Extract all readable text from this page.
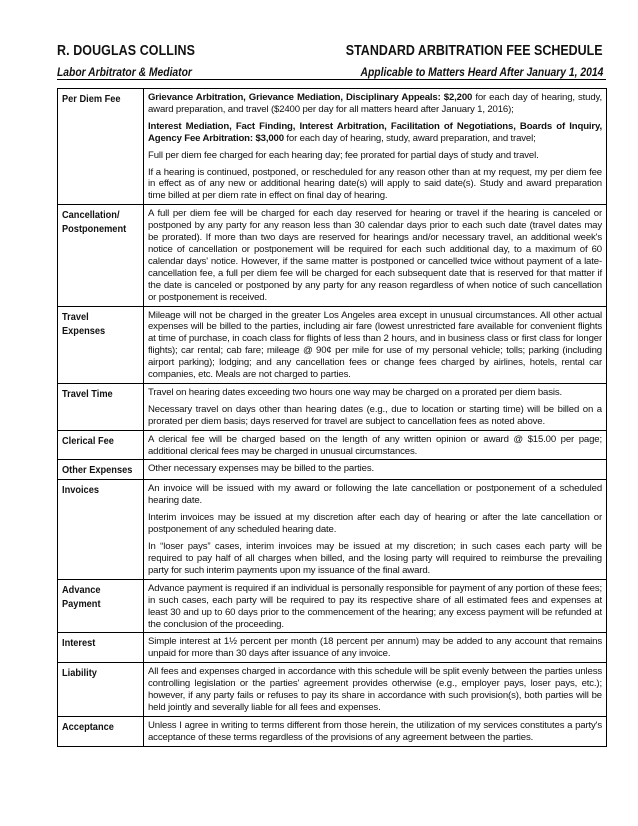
R. DOUGLAS COLLINS	STANDARD ARBITRATION FEE SCHEDULE
Labor Arbitrator & Mediator	Applicable to Matters Heard After January 1, 2014
Per Diem Fee	Grievance Arbitration, Grievance Mediation, Disciplinary Appeals: $2,200 for each day of hearing, study, award preparation, and travel ($2400 per day for all matters heard after January 1, 2016);

Interest Mediation, Fact Finding, Interest Arbitration, Facilitation of Negotiations, Boards of Inquiry, Agency Fee Arbitration: $3,000 for each day of hearing, study, award preparation, and travel;

Full per diem fee charged for each hearing day; fee prorated for partial days of study and travel.

If a hearing is continued, postponed, or rescheduled for any reason other than at my request, my per diem fee in effect as of any new or additional hearing date(s) will apply to said date(s). Study and award preparation time billed at per diem rate in effect on final day of hearing.

Cancellation/
Postponement	A full per diem fee will be charged for each day reserved for hearing or travel if the hearing is canceled or postponed by any party for any reason less than 30 calendar days prior to each such date (travel dates may be prorated). If more than two days are reserved for hearings and/or necessary travel, an additional week's notice of cancellation or postponement will be required for each such additional day, to a maximum of 60 calendar days' notice. However, if the same matter is postponed or cancelled twice without payment of a late-cancellation fee, a full per diem fee will be charged for each subsequent date that is reserved for that matter if the date is canceled or postponed by any party for any reason regardless of when notice of such cancellation or postponement is received.

Travel
Expenses	Mileage will not be charged in the greater Los Angeles area except in unusual circumstances. All other actual expenses will be billed to the parties, including air fare (lowest unrestricted fare available for convenient flights at time of purchase, in coach class for flights of less than 2 hours, and in business class or first class for longer flights); car rental; cab fare; mileage @ 90¢ per mile for use of my personal vehicle; tolls; parking (including airport parking); lodging; and any cancellation fees or change fees charged by airlines, hotels, rental car companies, etc. Meals are not charged to parties.

Travel Time	Travel on hearing dates exceeding two hours one way may be charged on a prorated per diem basis.

Necessary travel on days other than hearing dates (e.g., due to location or starting time) will be billed on a prorated per diem basis; days reserved for travel are subject to cancellation fees as noted above.

Clerical Fee	A clerical fee will be charged based on the length of any written opinion or award @ $15.00 per page; additional clerical fees may be charged in unusual circumstances.

Other Expenses	Other necessary expenses may be billed to the parties.

Invoices	An invoice will be issued with my award or following the late cancellation or postponement of a scheduled hearing date.

Interim invoices may be issued at my discretion after each day of hearing or after the late cancellation or postponement of any scheduled hearing date.

In “loser pays” cases, interim invoices may be issued at my discretion; in such cases each party will be required to pay half of all charges when billed, and the losing party will required to reimburse the prevailing party for such interim payments upon my issuance of the final award.

Advance
Payment	Advance payment is required if an individual is personally responsible for payment of any portion of these fees; in such cases, each party will be required to pay its respective share of all estimated fees and expenses at least 30 and up to 60 days prior to the commencement of the hearing; any excess payment will be refunded at the conclusion of the proceeding.

Interest	Simple interest at 1½ percent per month (18 percent per annum) may be added to any account that remains unpaid for more than 30 days after issuance of any invoice.

Liability	All fees and expenses charged in accordance with this schedule will be split evenly between the parties unless controlling legislation or the parties' agreement provides otherwise (e.g., employer pays, loser pays, etc.); however, if any party fails or refuses to pay its share in accordance with such provision(s), both parties will be held jointly and severally liable for all fees and expenses.

Acceptance	Unless I agree in writing to terms different from those herein, the utilization of my services constitutes a party's acceptance of these terms regardless of the provisions of any agreement between the parties.
